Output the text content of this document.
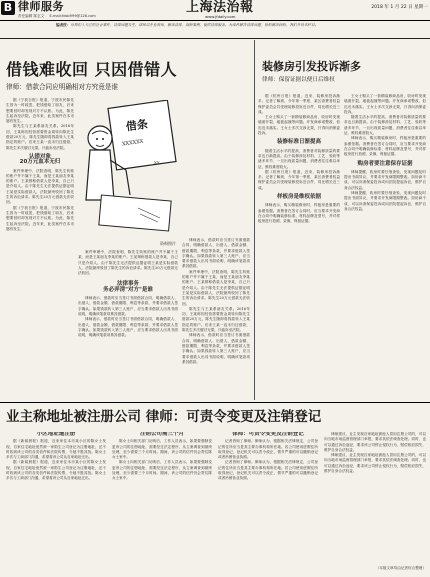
B 律师服务
责任编辑 陈玄文 E-mail:fdsb999@126.com
上海法治報
www.jfdaily.com
2018 年 1 月 22 日 星期一
编者按：每周们人关注的社会事件、法律问题及生、律师以专业视角，解读法律，剖析案例，提供法律服务。为读者解答法律问题，协助解决纠纷，我们开设本栏目。
借钱难收回 只因借错人
律师：借款合同应明确相对方究竟是谁

据《宁波日报》报道，宁波市民陈先生因为一时疏忽，把钱借给了朋友，后来想要回时却发现对方不认账。为此，陈先生起诉至法院。近年来，此类案件在本市屡有发生。

陈先生与王某系朋友关系。2016年初，王某称因经营需要资金周转向陈先生借款20万元，陈先生随即将钱款转入王某指定的账户。后来王某一直未归还借款，陈先生多次催讨无果，只能诉至法院。

认错对象
20万元血本无归

案件审理中，法院查明，陈先生转账的账户并不属于王某，而是王某朋友李某的账户。王某辩称借款人是李某，自己只是介绍人。由于陈先生无法提供证据证明王某是实际借款人，法院最终驳回了陈先生的诉讼请求。陈先生20万元借款无法收回。

据《宁波日报》报道，宁波市民陈先生因为一时疏忽，把钱借给了朋友，后来想要回时却发现对方不认账。为此，陈先生起诉至法院。近年来，此类案件在本市屡有发生。

借条
XXXXXX
XX
资料图片

案件审理中，法院查明，陈先生转账的账户并不属于王某，而是王某朋友李某的账户。王某辩称借款人是李某，自己只是介绍人。由于陈先生无法提供证据证明王某是实际借款人，法院最终驳回了陈先生的诉讼请求。陈先生20万元借款无法收回。

法律事务
务必弄清"对方"是谁

律师表示，借款时应当签订书面借款合同，明确借款人、出借人、借款金额、借款期限、利息等条款，并要求借款人签字确认。如果钱款转入第三人账户，应当要求借款人出具书面说明，明确该笔款项系其借款。

律师表示，借款时应当签订书面借款合同，明确借款人、出借人、借款金额、借款期限、利息等条款，并要求借款人签字确认。如果钱款转入第三人账户，应当要求借款人出具书面说明，明确该笔款项系其借款。

律师表示，借款时应当签订书面借款合同，明确借款人、出借人、借款金额、借款期限、利息等条款，并要求借款人签字确认。如果钱款转入第三人账户，应当要求借款人出具书面说明，明确该笔款项系其借款。

案件审理中，法院查明，陈先生转账的账户并不属于王某，而是王某朋友李某的账户。王某辩称借款人是李某，自己只是介绍人。由于陈先生无法提供证据证明王某是实际借款人，法院最终驳回了陈先生的诉讼请求。陈先生20万元借款无法收回。

陈先生与王某系朋友关系。2016年初，王某称因经营需要资金周转向陈先生借款20万元，陈先生随即将钱款转入王某指定的账户。后来王某一直未归还借款，陈先生多次催讨无果，只能诉至法院。

律师表示，借款时应当签订书面借款合同，明确借款人、出借人、借款金额、借款期限、利息等条款，并要求借款人签字确认。如果钱款转入第三人账户，应当要求借款人出具书面说明，明确该笔款项系其借款。

装修房引发投诉渐多
律师：保留证据以便日后维权

据《杭州日报》报道，近来，装修房投诉渐多。记者了解到，今年第一季度，某区消费者权益保护委员会共受理装修投诉近百件，同比增长近三成。

王女士购买了一套精装修商品房，收房时发现墙面开裂、地板起翘等问题。开发商承诺整改，但迟迟未落实。王女士多次交涉无果，只得向消保委投诉。

装修标准日渐提高

随着生活水平的提高，消费者对装修质量的要求也日渐提高。由于装修涉及材料、工艺、验收等诸多环节，一旦出现质量问题，消费者往往难以举证，维权难度较大。

据《杭州日报》报道，近来，装修房投诉渐多。记者了解到，今年第一季度，某区消费者权益保护委员会共受理装修投诉近百件，同比增长近三成。

样板房是维权依据

律师表示，购买精装修房时，样板房是重要的参照依据。消费者在签订合同时，应当要求开发商在合同中明确装修标准、材料品牌及型号，并对样板房进行拍照、录像，保留证据。

王女士购买了一套精装修商品房，收房时发现墙面开裂、地板起翘等问题。开发商承诺整改，但迟迟未落实。王女士多次交涉无果，只得向消保委投诉。

随着生活水平的提高，消费者对装修质量的要求也日渐提高。由于装修涉及材料、工艺、验收等诸多环节，一旦出现质量问题，消费者往往难以举证，维权难度较大。

律师表示，购买精装修房时，样板房是重要的参照依据。消费者在签订合同时，应当要求开发商在合同中明确装修标准、材料品牌及型号，并对样板房进行拍照、录像，保留证据。

购房者要注意保存证据

律师提醒，收房时要仔细查验，发现问题及时提出书面异议，并要求开发商限期整改。如协商不成，可以向消保委投诉或向法院提起诉讼，维护自身合法权益。

律师提醒，收房时要仔细查验，发现问题及时提出书面异议，并要求开发商限期整改。如协商不成，可以向消保委投诉或向法院提起诉讼，维护自身合法权益。

业主称地址被注册公司 律师：可责令变更及注销登记
小区地址遭注册

据《新闻晨报》报道，近来家住本市某小区的陈女士发现，自家住宅地址竟然被一家陌生公司登记为注册地址，还不时收到该公司的各类信件和法院传票，令她不胜其扰。陈女士多次与工商部门沟通，希望将该公司从自家地址迁出。

据《新闻晨报》报道，近来家住本市某小区的陈女士发现，自家住宅地址竟然被一家陌生公司登记为注册地址，还不时收到该公司的各类信件和法院传票，令她不胜其扰。陈女士多次与工商部门沟通，希望将该公司从自家地址迁出。

注销公司需三个月

陈女士向相关部门反映后，工作人员表示，如果要强制变更该公司的注册地址，需要经过法定程序，从立案调查到最终处理，至少需要三个月时间。期间，该公司的信件仍会寄往陈女士家中。

陈女士向相关部门反映后，工作人员表示，如果要强制变更该公司的注册地址，需要经过法定程序，从立案调查到最终处理，至少需要三个月时间。期间，该公司的信件仍会寄往陈女士家中。

律师：可责令变更及注销登记

记者咨询了律师。律师认为，根据相关法律规定，公司登记的住所应当是其主要办事机构所在地。若公司使用虚假住所取得登记，登记机关可以责令改正，情节严重的可以撤销登记或者吊销营业执照。

记者咨询了律师。律师认为，根据相关法律规定，公司登记的住所应当是其主要办事机构所在地。若公司使用虚假住所取得登记，登记机关可以责令改正，情节严重的可以撤销登记或者吊销营业执照。

律师建议，业主发现自家地址被他人冒用注册公司的，可以向当地市场监督管理部门举报，要求其依法调查处理。同时，也可以通过诉讼途径，要求该公司停止侵权行为，赔偿相应损失，维护自身合法权益。

律师建议，业主发现自家地址被他人冒用注册公司的，可以向当地市场监督管理部门举报，要求其依法调查处理。同时，也可以通过诉讼途径，要求该公司停止侵权行为，赔偿相应损失，维护自身合法权益。

（本版文章均由记者综合整理）
